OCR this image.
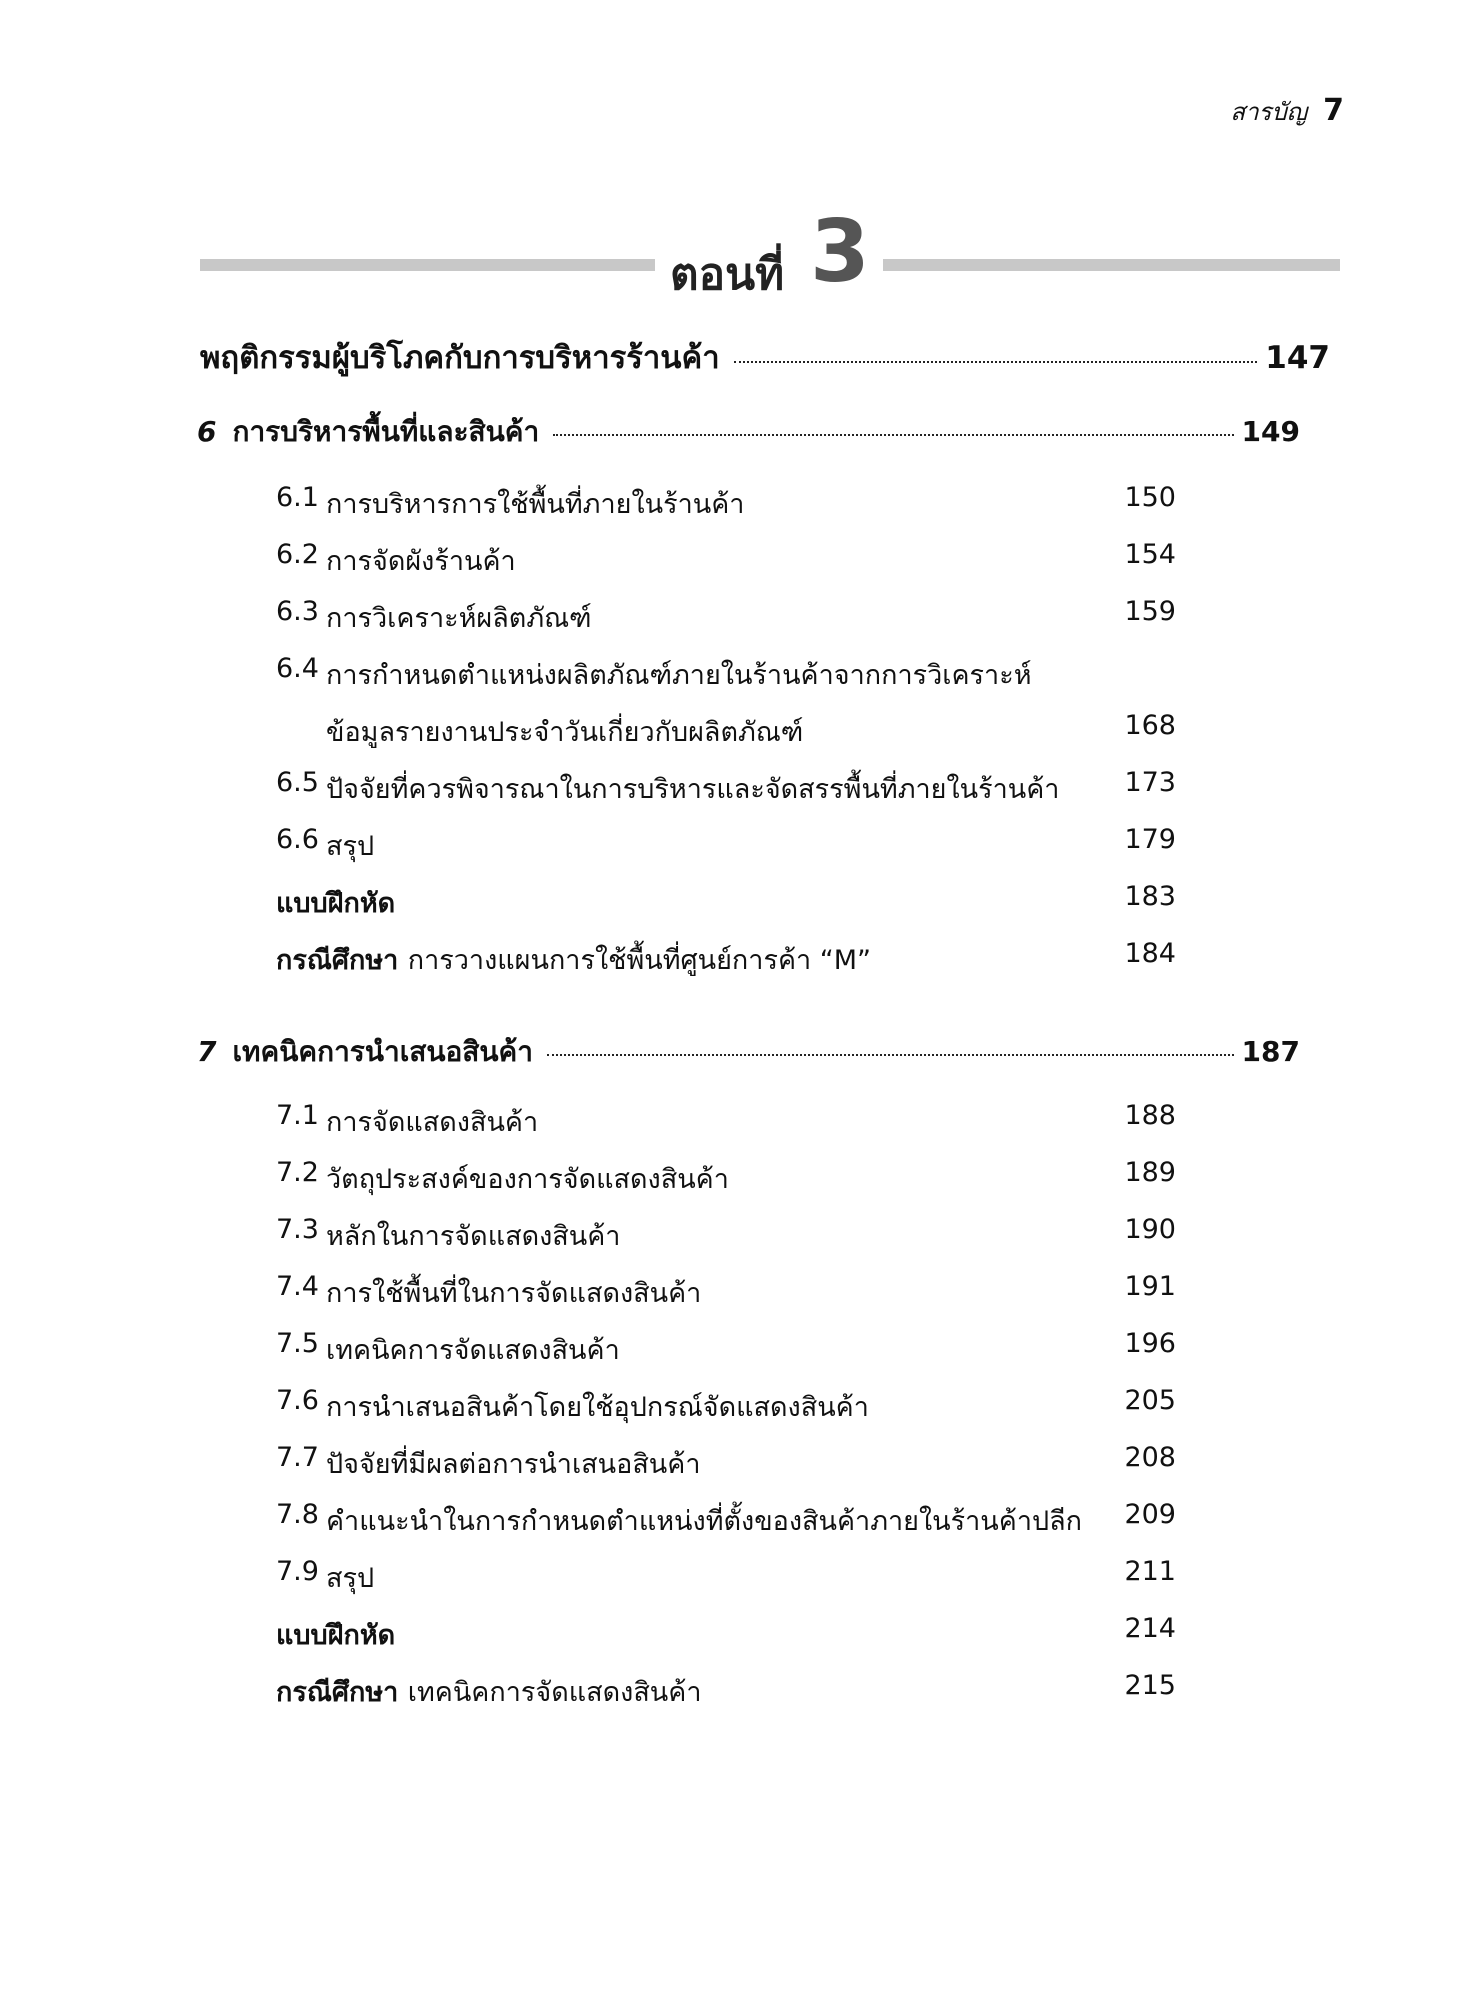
สารบัญ 7
ตอนที่ 3
พฤติกรรมผู้บริโภคกับการบริหารร้านค้า	147
6 การบริหารพื้นที่และสินค้า	149
6.1 การบริหารการใช้พื้นที่ภายในร้านค้า	150
6.2 การจัดผังร้านค้า	154
6.3 การวิเคราะห์ผลิตภัณฑ์	159
6.4 การกำหนดตำแหน่งผลิตภัณฑ์ภายในร้านค้าจากการวิเคราะห์
ข้อมูลรายงานประจำวันเกี่ยวกับผลิตภัณฑ์	168
6.5 ปัจจัยที่ควรพิจารณาในการบริหารและจัดสรรพื้นที่ภายในร้านค้า 173
6.6 สรุป	179
แบบฝึกหัด	183
กรณีศึกษา การวางแผนการใช้พื้นที่ศูนย์การค้า “M”	184
7 เทคนิคการนำเสนอสินค้า	187
7.1 การจัดแสดงสินค้า	188
7.2 วัตถุประสงค์ของการจัดแสดงสินค้า	189
7.3 หลักในการจัดแสดงสินค้า	190
7.4 การใช้พื้นที่ในการจัดแสดงสินค้า	191
7.5 เทคนิคการจัดแสดงสินค้า	196
7.6 การนำเสนอสินค้าโดยใช้อุปกรณ์จัดแสดงสินค้า	205
7.7 ปัจจัยที่มีผลต่อการนำเสนอสินค้า	208
7.8 คำแนะนำในการกำหนดตำแหน่งที่ตั้งของสินค้าภายในร้านค้าปลีก 209
7.9 สรุป	211
แบบฝึกหัด	214
กรณีศึกษา เทคนิคการจัดแสดงสินค้า	215
